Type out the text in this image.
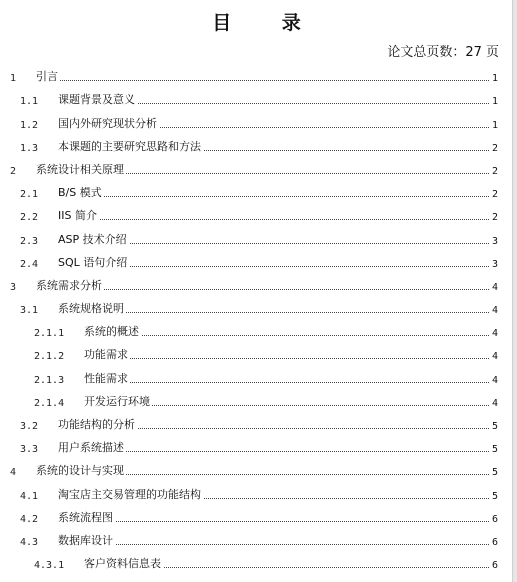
目 录
论文总页数：27 页
1 引言	1
1.1 课题背景及意义	1
1.2 国内外研究现状分析	1
1.3 本课题的主要研究思路和方法	2
2 系统设计相关原理	2
2.1 B/S 模式	2
2.2 IIS 简介	2
2.3 ASP 技术介绍	3
2.4 SQL 语句介绍	3
3 系统需求分析	4
3.1 系统规格说明	4
2.1.1 系统的概述	4
2.1.2 功能需求	4
2.1.3 性能需求	4
2.1.4 开发运行环境	4
3.2 功能结构的分析	5
3.3 用户系统描述	5
4 系统的设计与实现	5
4.1 淘宝店主交易管理的功能结构	5
4.2 系统流程图	6
4.3 数据库设计	6
4.3.1 客户资料信息表	6
